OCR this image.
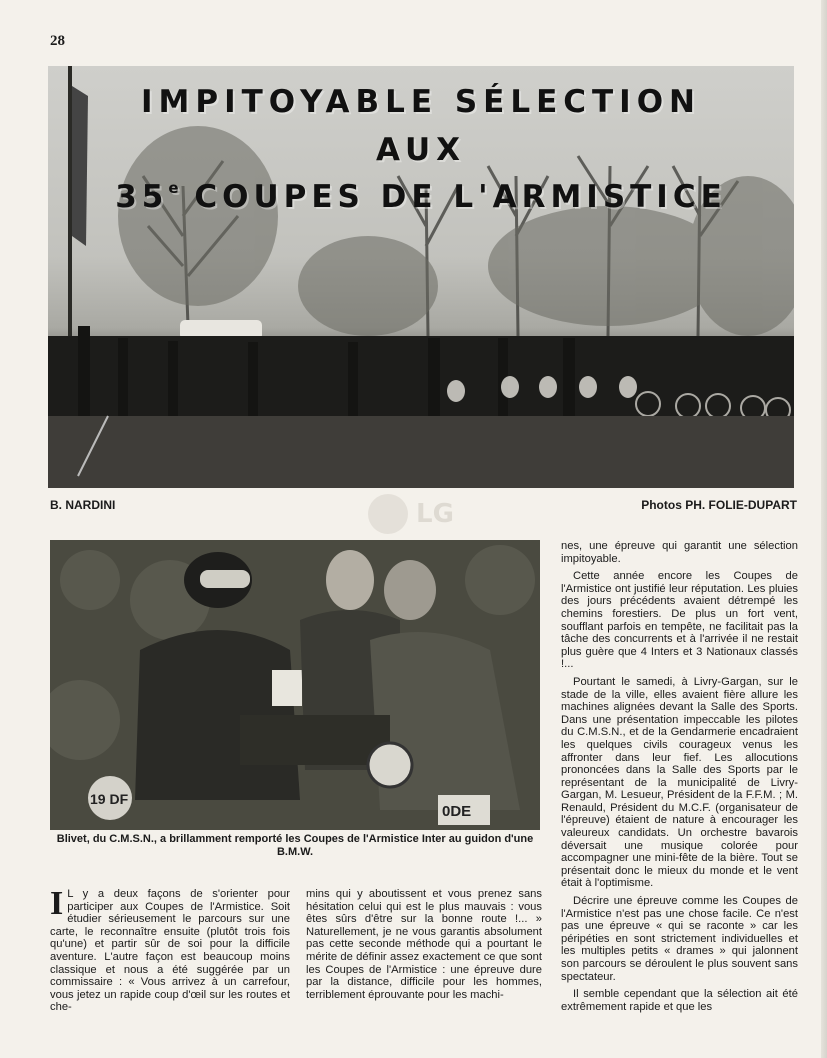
28
IMPITOYABLE SÉLECTION
AUX
35e COUPES DE L'ARMISTICE
B. NARDINI	Photos PH. FOLIE-DUPART
LG
19 DF
0DE
Blivet, du C.M.S.N., a brillamment remporté les Coupes de l'Armistice Inter au guidon d'une B.M.W.

I L y a deux façons de s'orienter pour participer aux Coupes de l'Armistice. Soit étudier sérieusement le parcours sur une carte, le reconnaître ensuite (plutôt trois fois qu'une) et partir sûr de soi pour la difficile aventure. L'autre façon est beaucoup moins classique et nous a été suggérée par un commissaire : « Vous arrivez à un carrefour, vous jetez un rapide coup d'œil sur les routes et che-

mins qui y aboutissent et vous prenez sans hésitation celui qui est le plus mauvais : vous êtes sûrs d'être sur la bonne route !... » Naturellement, je ne vous garantis absolument pas cette seconde méthode qui a pourtant le mérite de définir assez exactement ce que sont les Coupes de l'Armistice : une épreuve dure par la distance, difficile pour les hommes, terriblement éprouvante pour les machi-

nes, une épreuve qui garantit une sélection impitoyable.

Cette année encore les Coupes de l'Armistice ont justifié leur réputation. Les pluies des jours précédents avaient détrempé les chemins forestiers. De plus un fort vent, soufflant parfois en tempête, ne facilitait pas la tâche des concurrents et à l'arrivée il ne restait plus guère que 4 Inters et 3 Nationaux classés !...

Pourtant le samedi, à Livry-Gargan, sur le stade de la ville, elles avaient fière allure les machines alignées devant la Salle des Sports. Dans une présentation impeccable les pilotes du C.M.S.N., et de la Gendarmerie encadraient les quelques civils courageux venus les affronter dans leur fief. Les allocutions prononcées dans la Salle des Sports par le représentant de la municipalité de Livry-Gargan, M. Lesueur, Président de la F.F.M. ; M. Renauld, Président du M.C.F. (organisateur de l'épreuve) étaient de nature à encourager les valeureux candidats. Un orchestre bavarois déversait une musique colorée pour accompagner une mini-fête de la bière. Tout se présentait donc le mieux du monde et le vent était à l'optimisme.

Décrire une épreuve comme les Coupes de l'Armistice n'est pas une chose facile. Ce n'est pas une épreuve « qui se raconte » car les péripéties en sont strictement individuelles et les multiples petits « drames » qui jalonnent son parcours se déroulent le plus souvent sans spectateur.

Il semble cependant que la sélection ait été extrêmement rapide et que les
